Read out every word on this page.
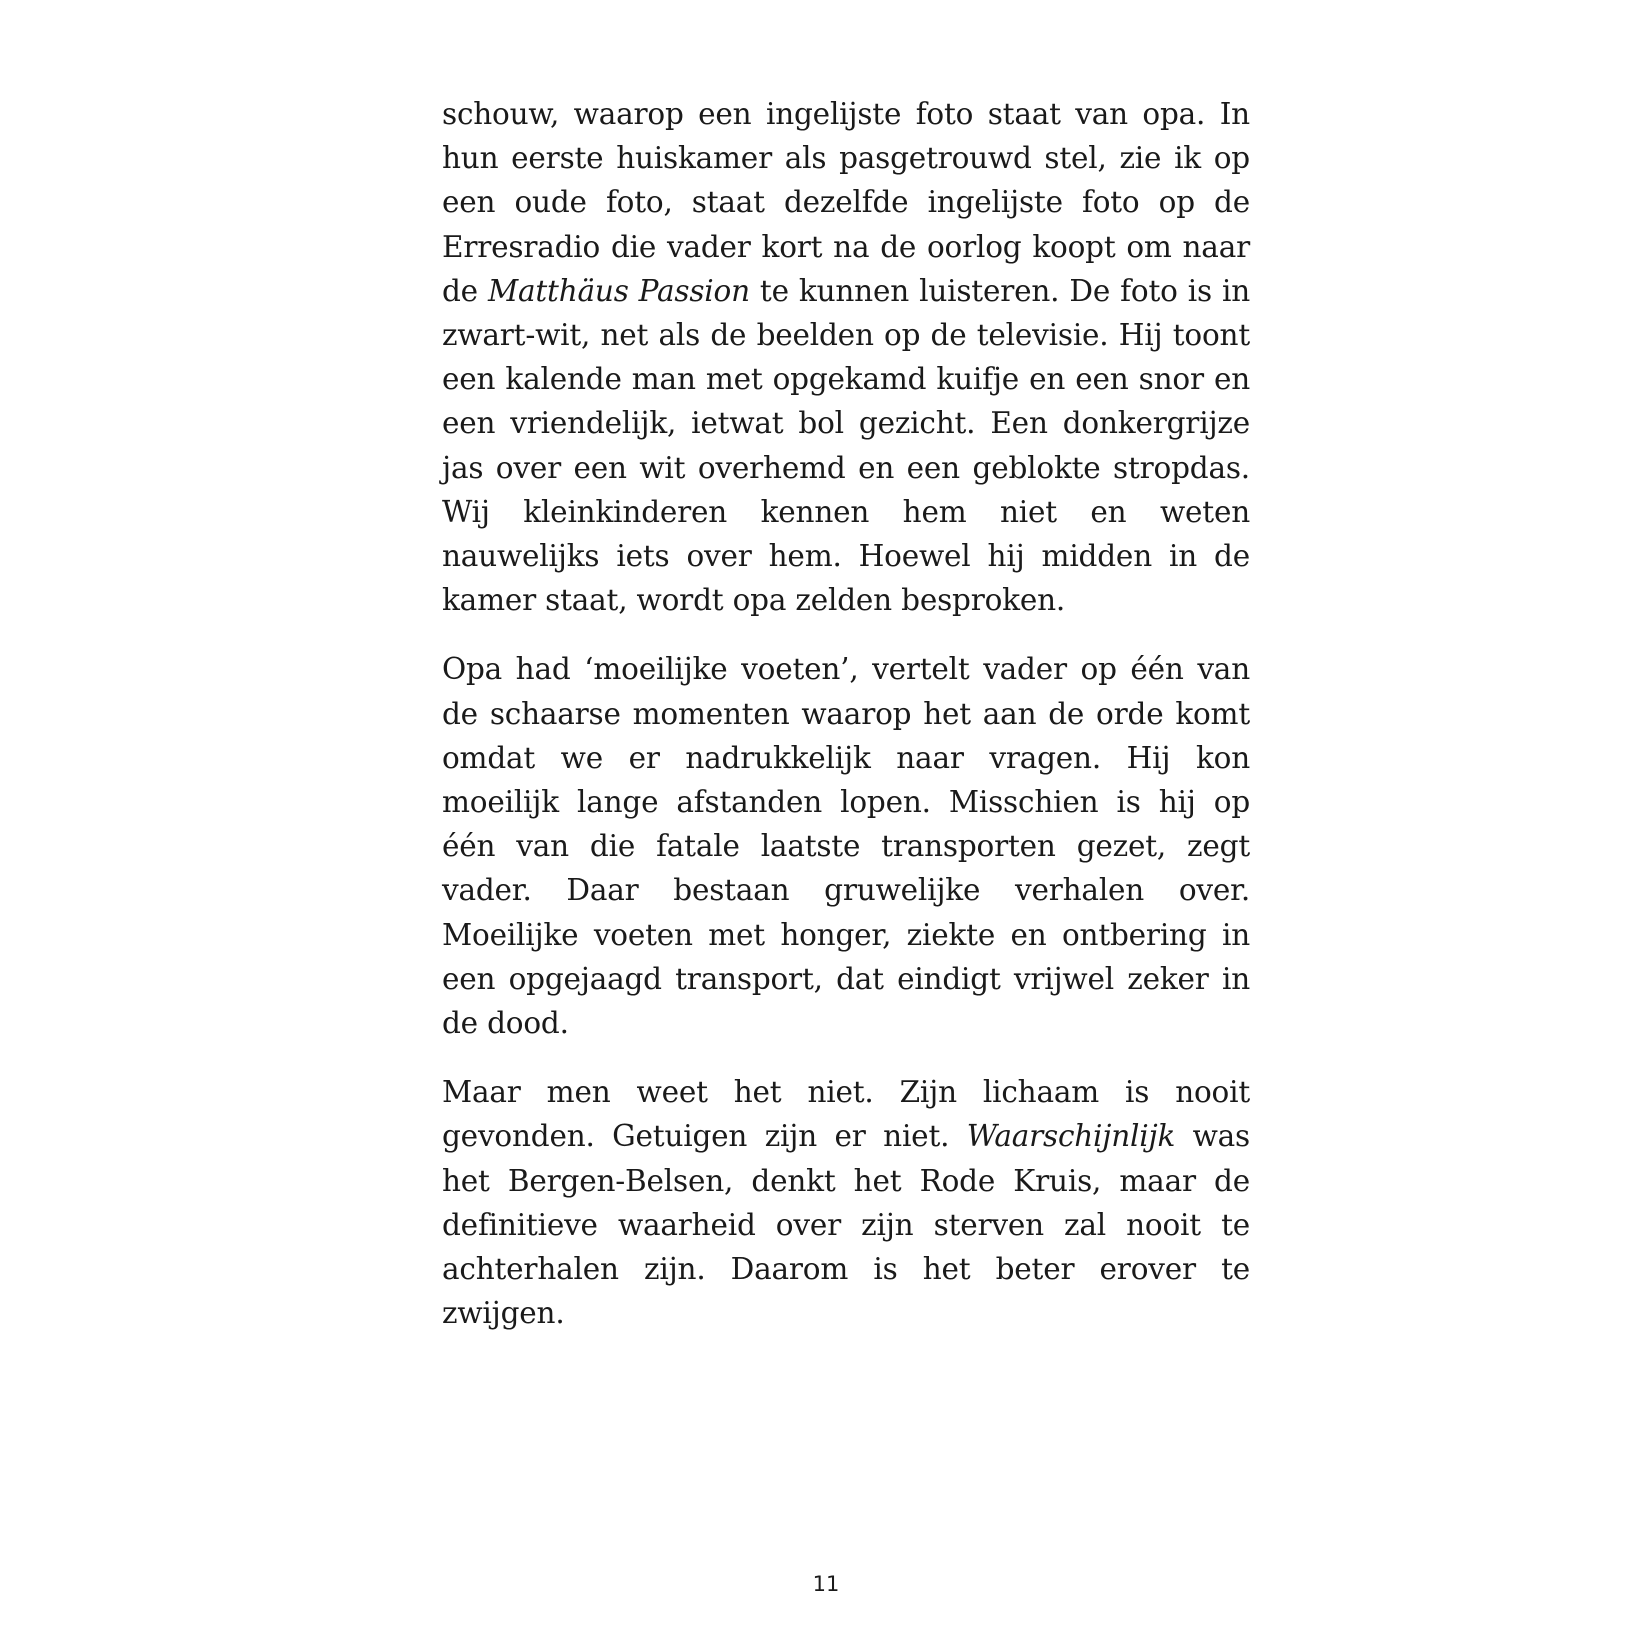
schouw, waarop een ingelijste foto staat van opa. In hun eerste huiskamer als pasgetrouwd stel, zie ik op een oude foto, staat dezelfde ingelijste foto op de Erresradio die vader kort na de oorlog koopt om naar de Matthäus Passion te kunnen luisteren. De foto is in zwart-wit, net als de beelden op de televisie. Hij toont een kalende man met opgekamd kuifje en een snor en een vriendelijk, ietwat bol gezicht. Een donkergrijze jas over een wit overhemd en een geblokte stropdas. Wij kleinkinderen kennen hem niet en weten nauwelijks iets over hem. Hoewel hij midden in de kamer staat, wordt opa zelden besproken.

Opa had ‘moeilijke voeten’, vertelt vader op één van de schaarse momenten waarop het aan de orde komt omdat we er nadrukkelijk naar vragen. Hij kon moeilijk lange afstanden lopen. Misschien is hij op één van die fatale laatste transporten gezet, zegt vader. Daar bestaan gruwelijke verhalen over. Moeilijke voeten met honger, ziekte en ontbering in een opgejaagd transport, dat eindigt vrijwel zeker in de dood.

Maar men weet het niet. Zijn lichaam is nooit gevonden. Getuigen zijn er niet. Waarschijnlijk was het Bergen-Belsen, denkt het Rode Kruis, maar de definitieve waarheid over zijn sterven zal nooit te achterhalen zijn. Daarom is het beter erover te zwijgen.

11
